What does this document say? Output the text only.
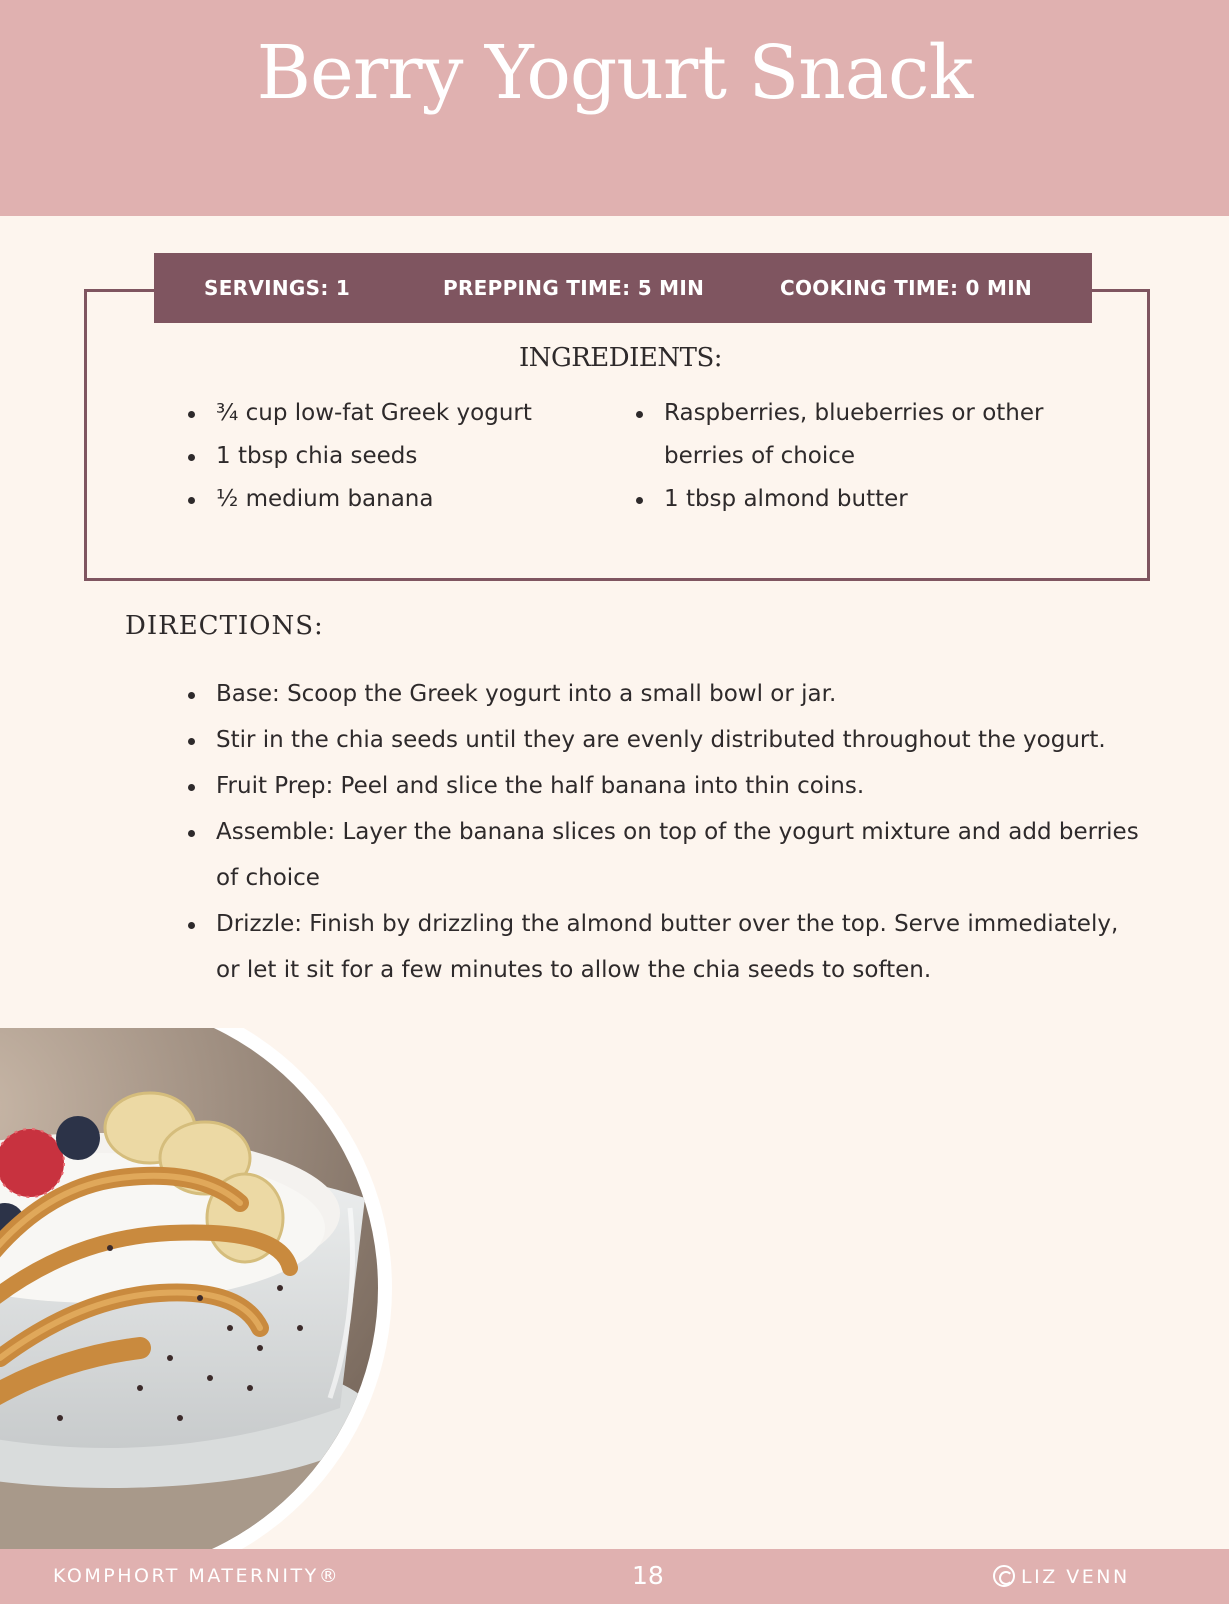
Berry Yogurt Snack
SERVINGS: 1	PREPPING TIME: 5 MIN	COOKING TIME: 0 MIN
INGREDIENTS:
¾ cup low-fat Greek yogurt
1 tbsp chia seeds
½ medium banana
Raspberries, blueberries or other berries of choice
1 tbsp almond butter
DIRECTIONS:
Base: Scoop the Greek yogurt into a small bowl or jar.
Stir in the chia seeds until they are evenly distributed throughout the yogurt.
Fruit Prep: Peel and slice the half banana into thin coins.
Assemble: Layer the banana slices on top of the yogurt mixture and add berries of choice
Drizzle: Finish by drizzling the almond butter over the top. Serve immediately, or let it sit for a few minutes to allow the chia seeds to soften.
KOMPHORT MATERNITY®	18	LIZ VENN
